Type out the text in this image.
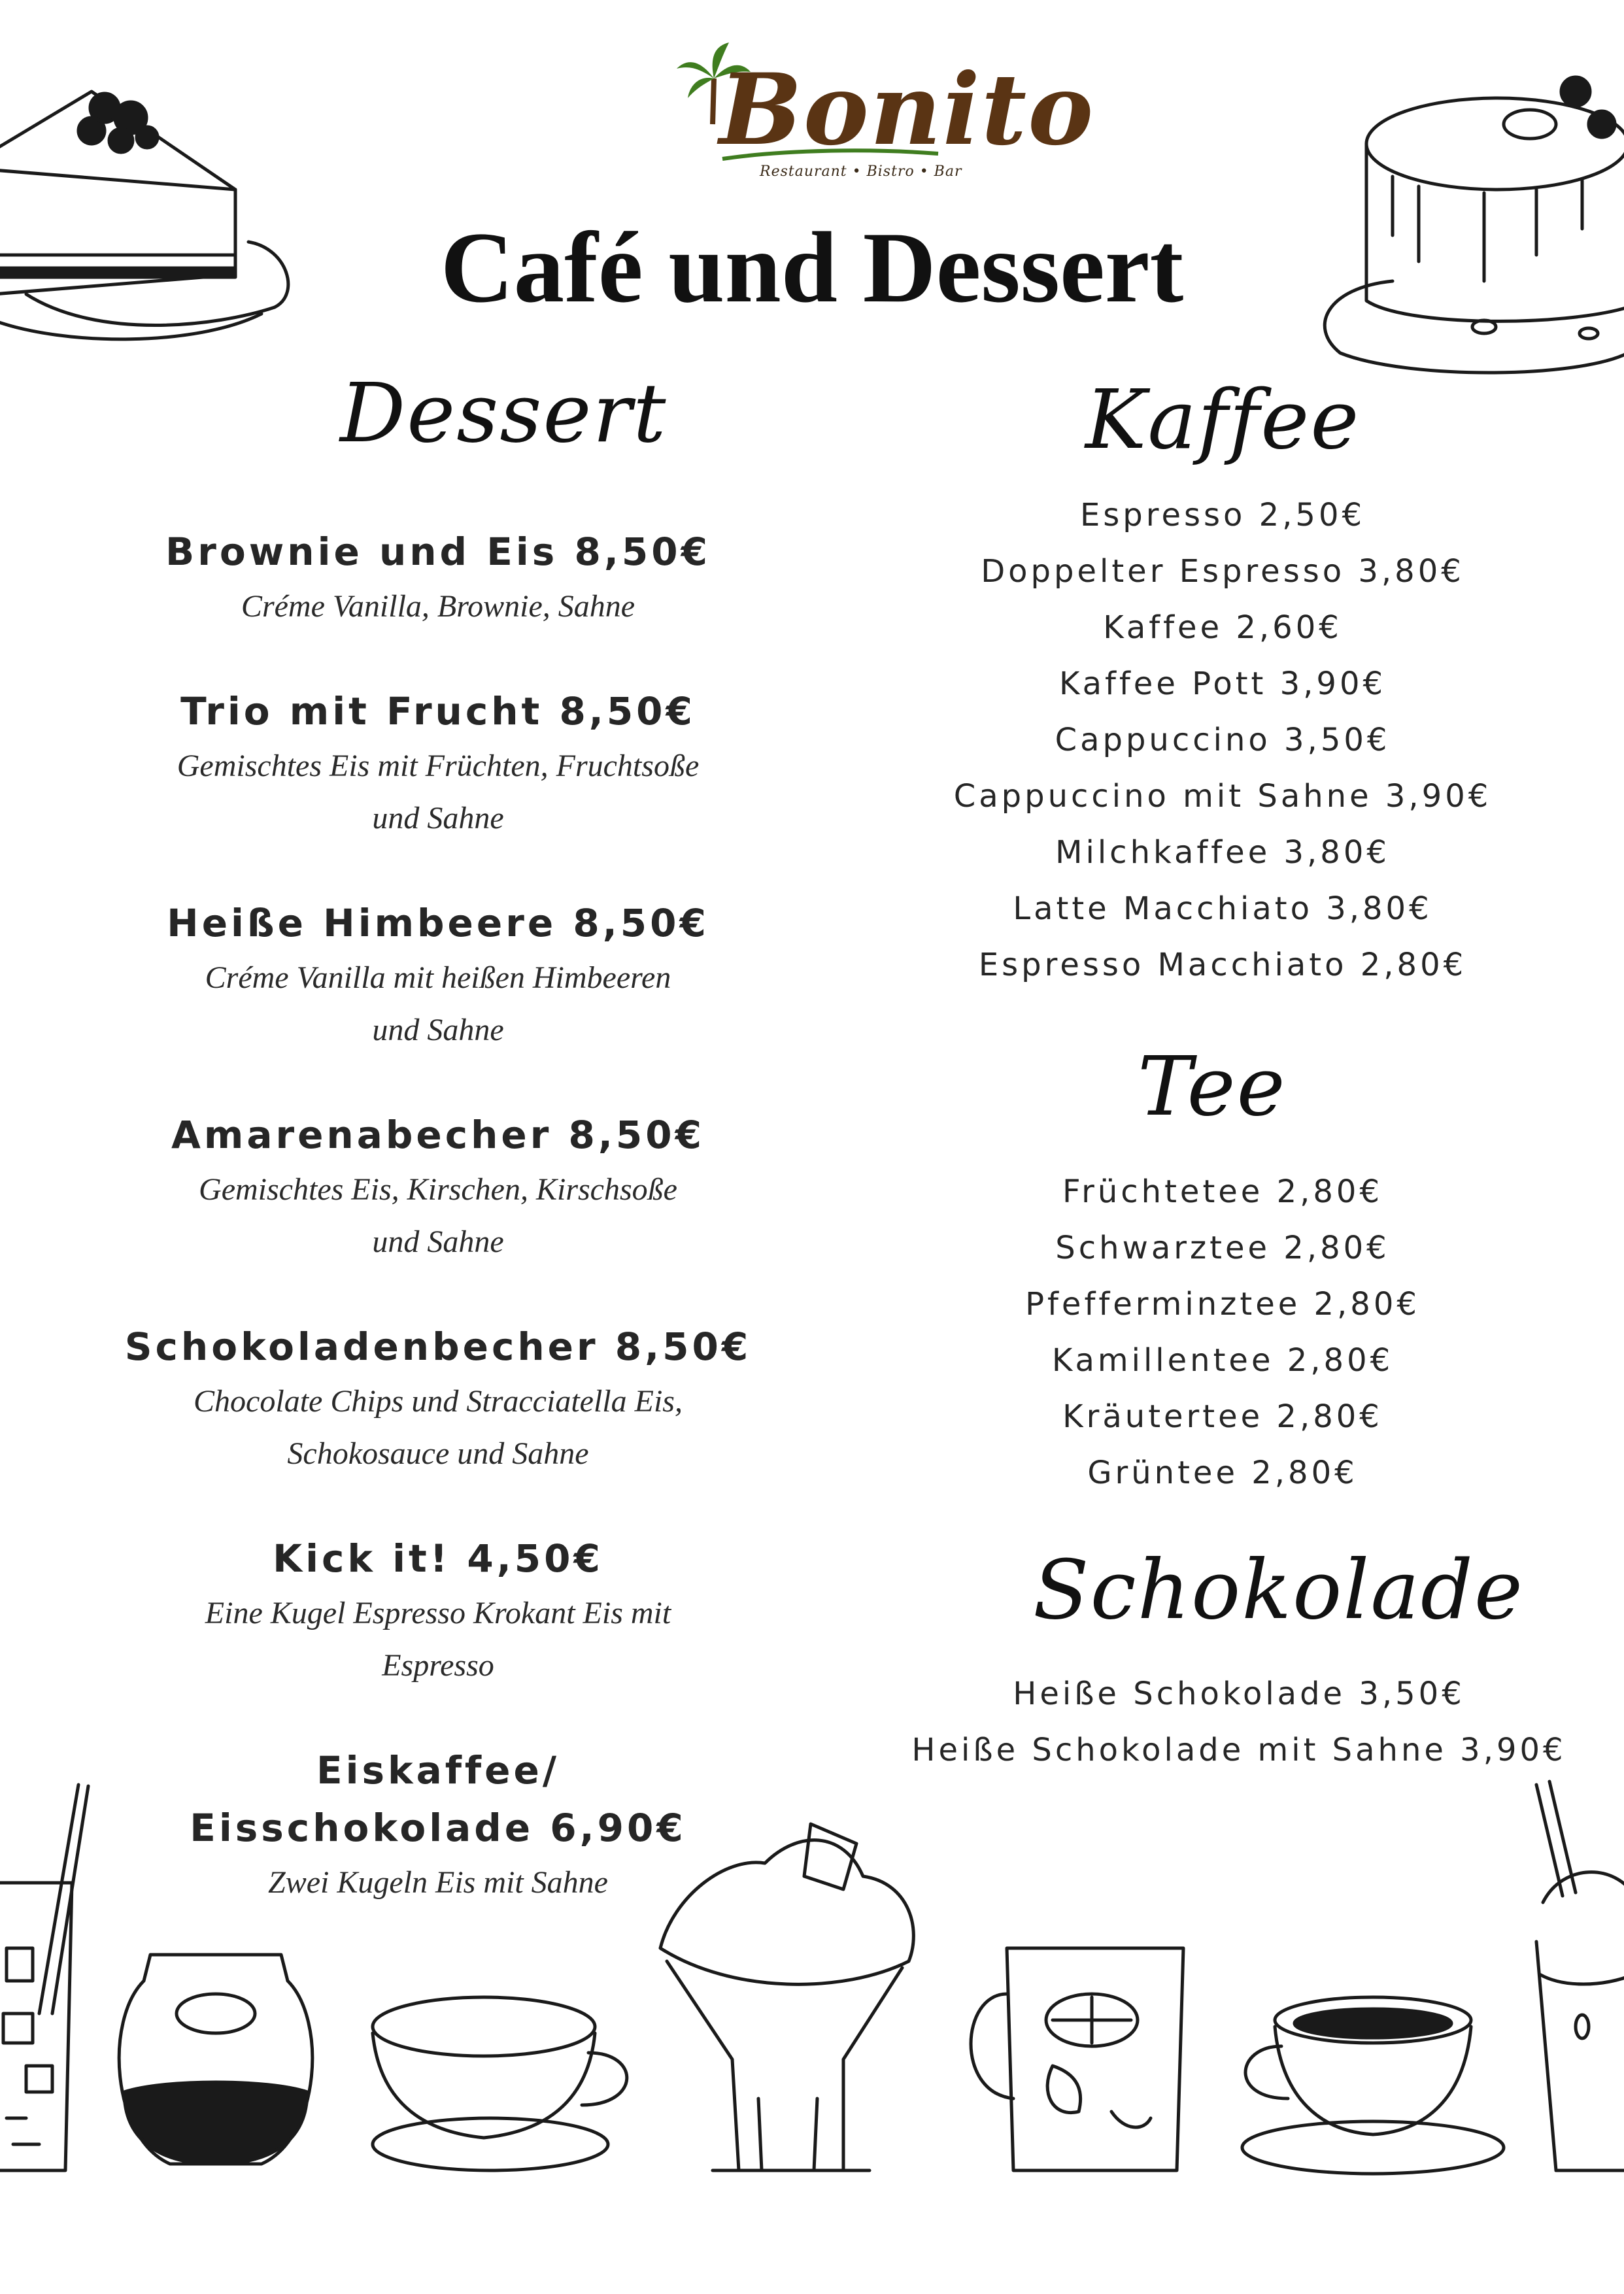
Bonito
Restaurant • Bistro • Bar
Café und Dessert
Dessert
Brownie und Eis 8,50€
Créme Vanilla, Brownie, Sahne
Trio mit Frucht 8,50€
Gemischtes Eis mit Früchten, Fruchtsoße
und Sahne
Heiße Himbeere 8,50€
Créme Vanilla mit heißen Himbeeren
und Sahne
Amarenabecher 8,50€
Gemischtes Eis, Kirschen, Kirschsoße
und Sahne
Schokoladenbecher 8,50€
Chocolate Chips und Stracciatella Eis,
Schokosauce und Sahne
Kick it! 4,50€
Eine Kugel Espresso Krokant Eis mit
Espresso
Eiskaffee/
Eisschokolade 6,90€
Zwei Kugeln Eis mit Sahne
Kaffee
Espresso 2,50€
Doppelter Espresso 3,80€
Kaffee 2,60€
Kaffee Pott 3,90€
Cappuccino 3,50€
Cappuccino mit Sahne 3,90€
Milchkaffee 3,80€
Latte Macchiato 3,80€
Espresso Macchiato 2,80€
Tee
Früchtetee 2,80€
Schwarztee 2,80€
Pfefferminztee 2,80€
Kamillentee 2,80€
Kräutertee 2,80€
Grüntee 2,80€
Schokolade
Heiße Schokolade 3,50€
Heiße Schokolade mit Sahne 3,90€
